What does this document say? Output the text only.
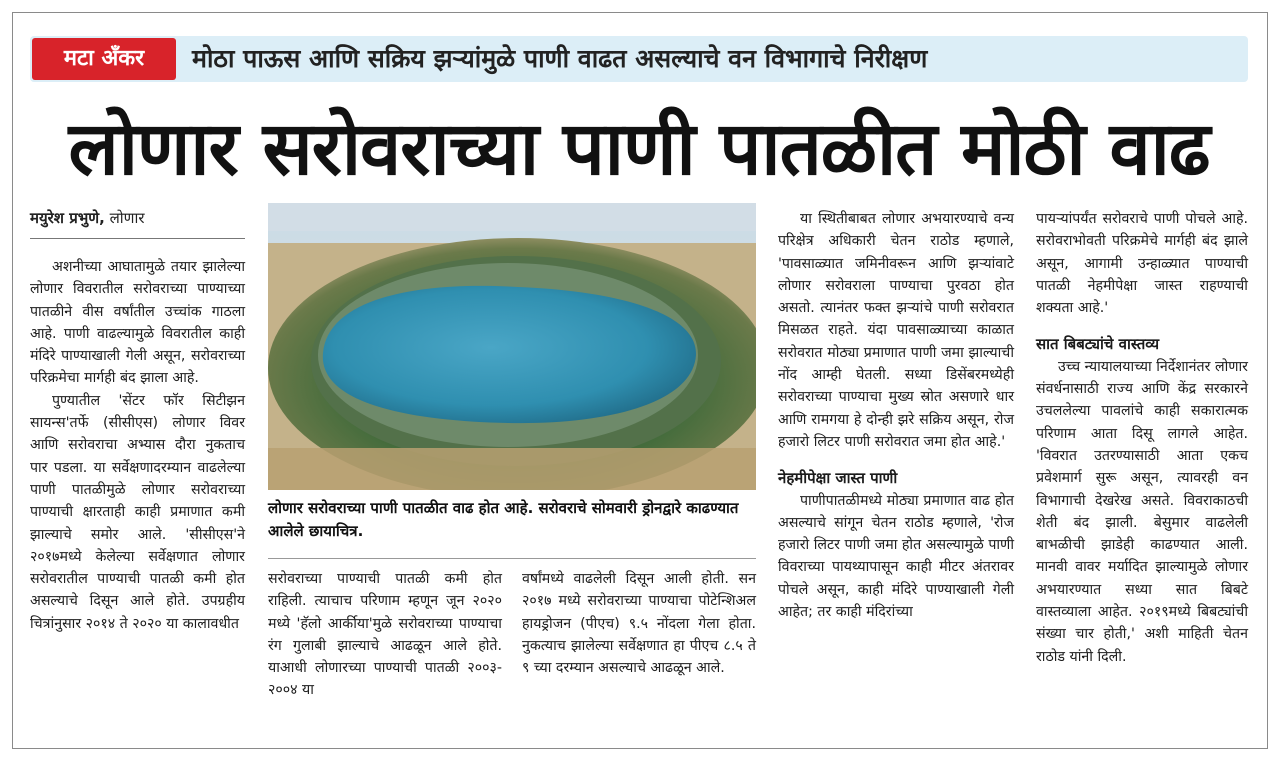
मटा अँकर	मोठा पाऊस आणि सक्रिय झऱ्यांमुळे पाणी वाढत असल्याचे वन विभागाचे निरीक्षण
लोणार सरोवराच्या पाणी पातळीत मोठी वाढ
मयुरेश प्रभुणे, लोणार

अशनीच्या आघातामुळे तयार झालेल्या लोणार विवरातील सरोवराच्या पाण्याच्या पातळीने वीस वर्षांतील उच्चांक गाठला आहे. पाणी वाढल्यामुळे विवरातील काही मंदिरे पाण्याखाली गेली असून, सरोवराच्या परिक्रमेचा मार्गही बंद झाला आहे.

पुण्यातील 'सेंटर फॉर सिटीझन सायन्स'तर्फे (सीसीएस) लोणार विवर आणि सरोवराचा अभ्यास दौरा नुकताच पार पडला. या सर्वेक्षणादरम्यान वाढलेल्या पाणी पातळीमुळे लोणार सरोवराच्या पाण्याची क्षारताही काही प्रमाणात कमी झाल्याचे समोर आले. 'सीसीएस'ने २०१७मध्ये केलेल्या सर्वेक्षणात लोणार सरोवरातील पाण्याची पातळी कमी होत असल्याचे दिसून आले होते. उपग्रहीय चित्रांनुसार २०१४ ते २०२० या कालावधीत

लोणार सरोवराच्या पाणी पातळीत वाढ होत आहे. सरोवराचे सोमवारी ड्रोनद्वारे काढण्यात आलेले छायाचित्र.

सरोवराच्या पाण्याची पातळी कमी होत राहिली. त्याचाच परिणाम म्हणून जून २०२० मध्ये 'हॅलो आर्कीया'मुळे सरोवराच्या पाण्याचा रंग गुलाबी झाल्याचे आढळून आले होते. याआधी लोणारच्या पाण्याची पातळी २००३- २००४ या

वर्षांमध्ये वाढलेली दिसून आली होती. सन २०१७ मध्ये सरोवराच्या पाण्याचा पोटेन्शिअल हायड्रोजन (पीएच) ९.५ नोंदला गेला होता. नुकत्याच झालेल्या सर्वेक्षणात हा पीएच ८.५ ते ९ च्या दरम्यान असल्याचे आढळून आले.

या स्थितीबाबत लोणार अभयारण्याचे वन्य परिक्षेत्र अधिकारी चेतन राठोड म्हणाले, 'पावसाळ्यात जमिनीवरून आणि झऱ्यांवाटे लोणार सरोवराला पाण्याचा पुरवठा होत असतो. त्यानंतर फक्त झऱ्यांचे पाणी सरोवरात मिसळत राहते. यंदा पावसाळ्याच्या काळात सरोवरात मोठ्या प्रमाणात पाणी जमा झाल्याची नोंद आम्ही घेतली. सध्या डिसेंबरमध्येही सरोवराच्या पाण्याचा मुख्य स्रोत असणारे धार आणि रामगया हे दोन्ही झरे सक्रिय असून, रोज हजारो लिटर पाणी सरोवरात जमा होत आहे.'

नेहमीपेक्षा जास्त पाणी

पाणीपातळीमध्ये मोठ्या प्रमाणात वाढ होत असल्याचे सांगून चेतन राठोड म्हणाले, 'रोज हजारो लिटर पाणी जमा होत असल्यामुळे पाणी विवराच्या पायथ्यापासून काही मीटर अंतरावर पोचले असून, काही मंदिरे पाण्याखाली गेली आहेत; तर काही मंदिरांच्या

पायऱ्यांपर्यंत सरोवराचे पाणी पोचले आहे. सरोवराभोवती परिक्रमेचे मार्गही बंद झाले असून, आगामी उन्हाळ्यात पाण्याची पातळी नेहमीपेक्षा जास्त राहण्याची शक्यता आहे.'

सात बिबट्यांचे वास्तव्य

उच्च न्यायालयाच्या निर्देशानंतर लोणार संवर्धनासाठी राज्य आणि केंद्र सरकारने उचललेल्या पावलांचे काही सकारात्मक परिणाम आता दिसू लागले आहेत. 'विवरात उतरण्यासाठी आता एकच प्रवेशमार्ग सुरू असून, त्यावरही वन विभागाची देखरेख असते. विवराकाठची शेती बंद झाली. बेसुमार वाढलेली बाभळीची झाडेही काढण्यात आली. मानवी वावर मर्यादित झाल्यामुळे लोणार अभयारण्यात सध्या सात बिबटे वास्तव्याला आहेत. २०१९मध्ये बिबट्यांची संख्या चार होती,' अशी माहिती चेतन राठोड यांनी दिली.
